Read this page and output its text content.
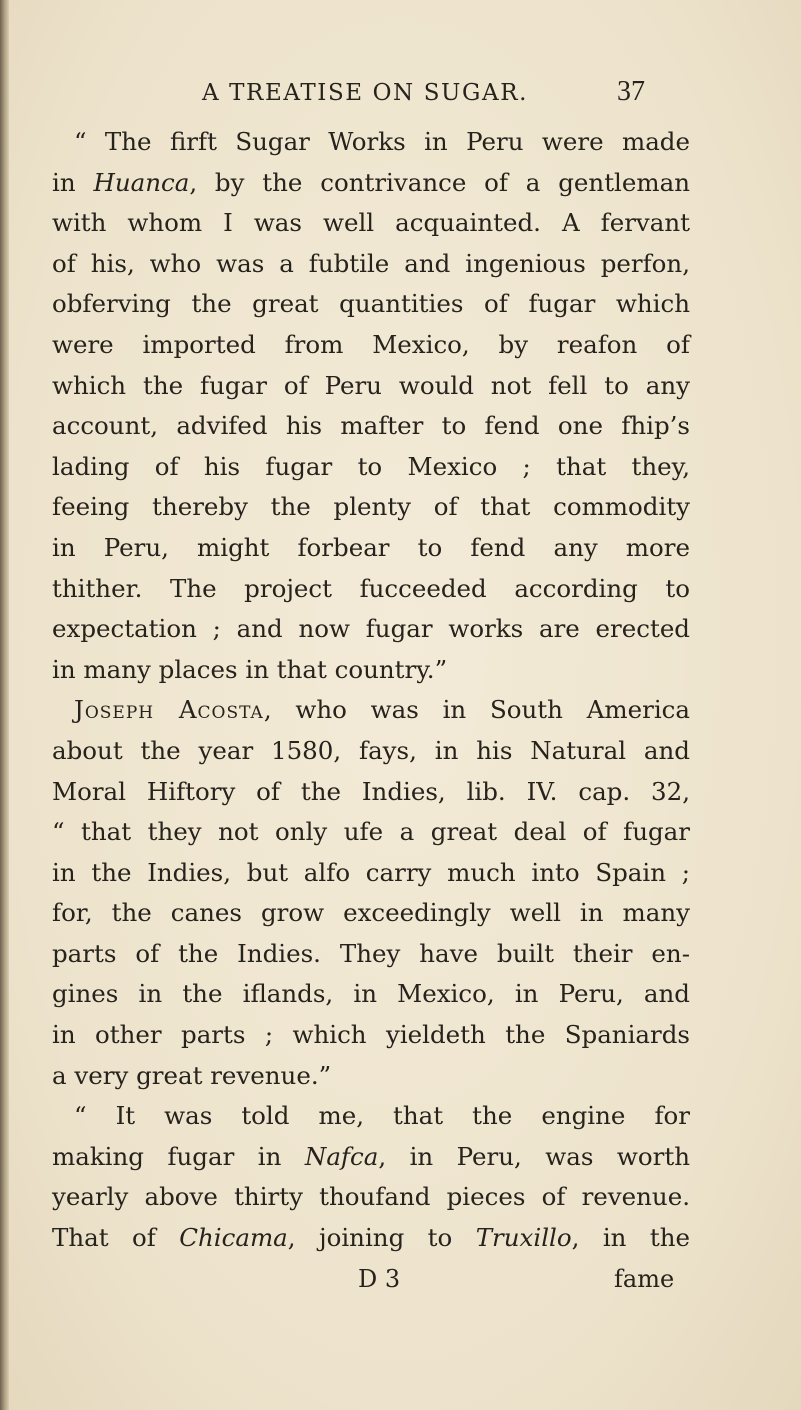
A TREATISE ON SUGAR.	37
“ The firft Sugar Works in Peru were made
in Huanca, by the contrivance of a gentleman
with whom I was well acquainted. A fervant
of his, who was a fubtile and ingenious perfon,
obferving the great quantities of fugar which
were imported from Mexico, by reafon of
which the fugar of Peru would not fell to any
account, advifed his mafter to fend one fhip’s
lading of his fugar to Mexico ; that they,
feeing thereby the plenty of that commodity
in Peru, might forbear to fend any more
thither. The project fucceeded according to
expectation ; and now fugar works are erected
in many places in that country.”
Joseph Acosta, who was in South America
about the year 1580, fays, in his Natural and
Moral Hiftory of the Indies, lib. IV. cap. 32,
“ that they not only ufe a great deal of fugar
in the Indies, but alfo carry much into Spain ;
for, the canes grow exceedingly well in many
parts of the Indies. They have built their en-
gines in the iflands, in Mexico, in Peru, and
in other parts ; which yieldeth the Spaniards
a very great revenue.”
“ It was told me, that the engine for
making fugar in Nafca, in Peru, was worth
yearly above thirty thoufand pieces of revenue.
That of Chicama, joining to Truxillo, in the
D 3	fame
